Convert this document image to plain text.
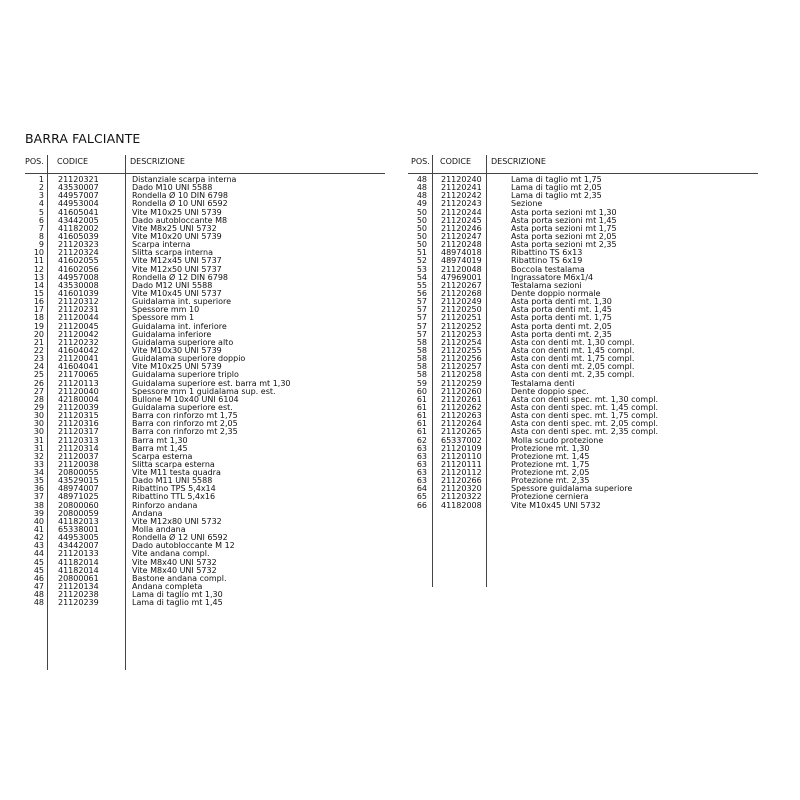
BARRA FALCIANTE
POS.	CODICE	DESCRIZIONE
1	21120321	Distanziale scarpa interna
2	43530007	Dado M10 UNI 5588
3	44957007	Rondella Ø 10 DIN 6798
4	44953004	Rondella Ø 10 UNI 6592
5	41605041	Vite M10x25 UNI 5739
6	43442005	Dado autobloccante M8
7	41182002	Vite M8x25 UNI 5732
8	41605039	Vite M10x20 UNI 5739
9	21120323	Scarpa interna
10	21120324	Slitta scarpa interna
11	41602055	Vite M12x45 UNI 5737
12	41602056	Vite M12x50 UNI 5737
13	44957008	Rondella Ø 12 DIN 6798
14	43530008	Dado M12 UNI 5588
15	41601039	Vite M10x45 UNI 5737
16	21120312	Guidalama int. superiore
17	21120231	Spessore mm 10
18	21120044	Spessore mm 1
19	21120045	Guidalama int. inferiore
20	21120042	Guidalama inferiore
21	21120232	Guidalama superiore alto
22	41604042	Vite M10x30 UNI 5739
23	21120041	Guidalama superiore doppio
24	41604041	Vite M10x25 UNI 5739
25	21170065	Guidalama superiore triplo
26	21120113	Guidalama superiore est. barra mt 1,30
27	21120040	Spessore mm 1 guidalama sup. est.
28	42180004	Bullone M 10x40 UNI 6104
29	21120039	Guidalama superiore est.
30	21120315	Barra con rinforzo mt 1,75
30	21120316	Barra con rinforzo mt 2,05
30	21120317	Barra con rinforzo mt 2,35
31	21120313	Barra mt 1,30
31	21120314	Barra mt 1,45
32	21120037	Scarpa esterna
33	21120038	Slitta scarpa esterna
34	20800055	Vite M11 testa quadra
35	43529015	Dado M11 UNI 5588
36	48974007	Ribattino TPS 5,4x14
37	48971025	Ribattino TTL 5,4x16
38	20800060	Rinforzo andana
39	20800059	Andana
40	41182013	Vite M12x80 UNI 5732
41	65338001	Molla andana
42	44953005	Rondella Ø 12 UNI 6592
43	43442007	Dado autobloccante M 12
44	21120133	Vite andana compl.
45	41182014	Vite M8x40 UNI 5732
45	41182014	Vite M8x40 UNI 5732
46	20800061	Bastone andana compl.
47	21120134	Andana completa
48	21120238	Lama di taglio mt 1,30
48	21120239	Lama di taglio mt 1,45
POS.	CODICE	DESCRIZIONE
48	21120240	Lama di taglio mt 1,75
48	21120241	Lama di taglio mt 2,05
48	21120242	Lama di taglio mt 2,35
49	21120243	Sezione
50	21120244	Asta porta sezioni mt 1,30
50	21120245	Asta porta sezioni mt 1,45
50	21120246	Asta porta sezioni mt 1,75
50	21120247	Asta porta sezioni mt 2,05
50	21120248	Asta porta sezioni mt 2,35
51	48974018	Ribattino TS 6x13
52	48974019	Ribattino TS 6x19
53	21120048	Boccola testalama
54	47969001	Ingrassatore M6x1/4
55	21120267	Testalama sezioni
56	21120268	Dente doppio normale
57	21120249	Asta porta denti mt. 1,30
57	21120250	Asta porta denti mt. 1,45
57	21120251	Asta porta denti mt. 1,75
57	21120252	Asta porta denti mt. 2,05
57	21120253	Asta porta denti mt. 2,35
58	21120254	Asta con denti mt. 1,30 compl.
58	21120255	Asta con denti mt. 1,45 compl.
58	21120256	Asta con denti mt. 1,75 compl.
58	21120257	Asta con denti mt. 2,05 compl.
58	21120258	Asta con denti mt. 2,35 compl.
59	21120259	Testalama denti
60	21120260	Dente doppio spec.
61	21120261	Asta con denti spec. mt. 1,30 compl.
61	21120262	Asta con denti spec. mt. 1,45 compl.
61	21120263	Asta con denti spec. mt. 1,75 compl.
61	21120264	Asta con denti spec. mt. 2,05 compl.
61	21120265	Asta con denti spec. mt. 2,35 compl.
62	65337002	Molla scudo protezione
63	21120109	Protezione mt. 1,30
63	21120110	Protezione mt. 1,45
63	21120111	Protezione mt. 1,75
63	21120112	Protezione mt. 2,05
63	21120266	Protezione mt. 2,35
64	21120320	Spessore guidalama superiore
65	21120322	Protezione cerniera
66	41182008	Vite M10x45 UNI 5732
